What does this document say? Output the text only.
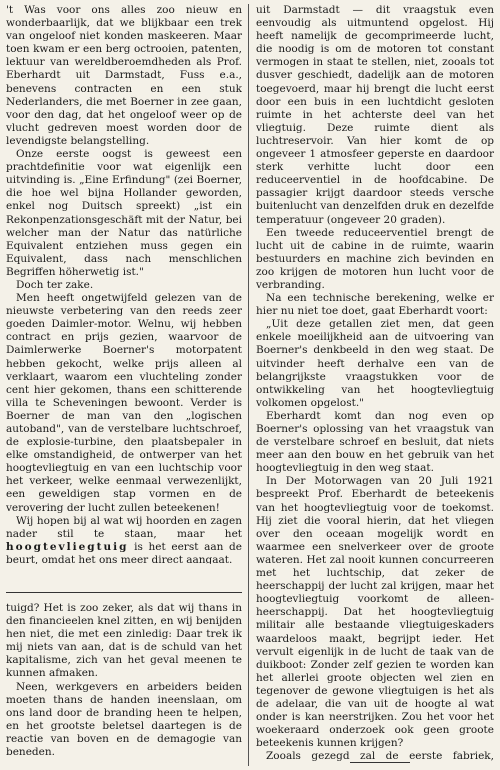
't Was voor ons alles zoo nieuw en wonderbaarlijk, dat we blijkbaar een trek van ongeloof niet konden maskeeren. Maar toen kwam er een berg octrooien, patenten, lektuur van wereldberoemdheden als Prof. Eberhardt uit Darmstadt, Fuss e.a., benevens contracten en een stuk Nederlanders, die met Boerner in zee gaan, voor den dag, dat het ongeloof weer op de vlucht gedreven moest worden door de levendigste belangstelling.

Onze eerste oogst is geweest een prachtdefinitie voor wat eigenlijk een uitvinding is. „Eine Erfindung" (zei Boerner, die hoe wel bijna Hollander geworden, enkel nog Duitsch spreekt) „ist ein Rekonpenzationsgeschäft mit der Natur, bei welcher man der Natur das natürliche Equivalent entziehen muss gegen ein Equivalent, dass nach menschlichen Begriffen höherwetig ist."

Doch ter zake.

Men heeft ongetwijfeld gelezen van de nieuwste verbetering van den reeds zeer goeden Daimler-motor. Welnu, wij hebben contract en prijs gezien, waarvoor de Daimlerwerke Boerner's motorpatent hebben gekocht, welke prijs alleen al verklaart, waarom een vluchteling zonder cent hier gekomen, thans een schitterende villa te Scheveningen bewoont. Verder is Boerner de man van den „logischen autoband", van de verstelbare luchtschroef, de explosie-turbine, den plaatsbepaler in elke omstandigheid, de ontwerper van het hoogtevliegtuig en van een luchtschip voor het verkeer, welke eenmaal verwezenlijkt, een geweldigen stap vormen en de verovering der lucht zullen beteekenen!

Wij hopen bij al wat wij hoorden en zagen nader stil te staan, maar het hoogtevliegtuig is het eerst aan de beurt, omdat het ons meer direct aangaat.

tuigd? Het is zoo zeker, als dat wij thans in den financieelen knel zitten, en wij benijden hen niet, die met een zinledig: Daar trek ik mij niets van aan, dat is de schuld van het kapitalisme, zich van het geval meenen te kunnen afmaken.

Neen, werkgevers en arbeiders beiden moeten thans de handen ineenslaan, om ons land door de branding heen te helpen, en het grootste beletsel daartegen is de reactie van boven en de demagogie van beneden.

uit Darmstadt — dit vraagstuk even eenvoudig als uitmuntend opgelost. Hij heeft namelijk de gecomprimeerde lucht, die noodig is om de motoren tot constant vermogen in staat te stellen, niet, zooals tot dusver geschiedt, dadelijk aan de motoren toegevoerd, maar hij brengt die lucht eerst door een buis in een luchtdicht gesloten ruimte in het achterste deel van het vliegtuig. Deze ruimte dient als luchtreservoir. Van hier komt de op ongeveer 1 atmosfeer geperste en daardoor sterk verhitte lucht door een reduceerventiel in de hoofdcabine. De passagier krijgt daardoor steeds versche buitenlucht van denzelfden druk en dezelfde temperatuur (ongeveer 20 graden).

Een tweede reduceerventiel brengt de lucht uit de cabine in de ruimte, waarin bestuurders en machine zich bevinden en zoo krijgen de motoren hun lucht voor de verbranding.

Na een technische berekening, welke er hier nu niet toe doet, gaat Eberhardt voort:

„Uit deze getallen ziet men, dat geen enkele moeilijkheid aan de uitvoering van Boerner's denkbeeld in den weg staat. De uitvinder heeft derhalve een van de belangrijkste vraagstukken voor de ontwikkeling van het hoogtevliegtuig volkomen opgelost."

Eberhardt komt dan nog even op Boerner's oplossing van het vraagstuk van de verstelbare schroef en besluit, dat niets meer aan den bouw en het gebruik van het hoogtevliegtuig in den weg staat.

In Der Motorwagen van 20 Juli 1921 bespreekt Prof. Eberhardt de beteekenis van het hoogtevliegtuig voor de toekomst. Hij ziet die vooral hierin, dat het vliegen over den oceaan mogelijk wordt en waarmee een snelverkeer over de groote wateren. Het zal nooit kunnen concurreeren met het luchtschip, dat zeker de heerschappij der lucht zal krijgen, maar het hoogtevliegtuig voorkomt de alleen-heerschappij. Dat het hoogtevliegtuig militair alle bestaande vliegtuigeskaders waardeloos maakt, begrijpt ieder. Het vervult eigenlijk in de lucht de taak van de duikboot: Zonder zelf gezien te worden kan het allerlei groote objecten wel zien en tegenover de gewone vliegtuigen is het als de adelaar, die van uit de hoogte al wat onder is kan neerstrijken. Zou het voor het woekeraard onderzoek ook geen groote beteekenis kunnen krijgen?

Zooals gezegd zal de eerste fabriek,
